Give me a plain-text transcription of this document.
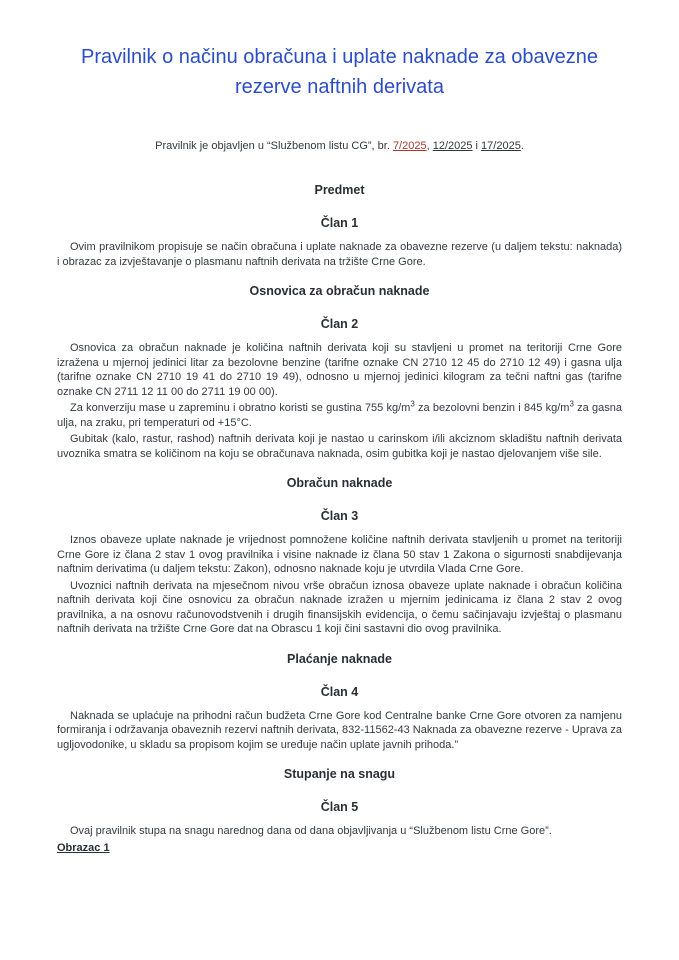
Pravilnik o načinu obračuna i uplate naknade za obavezne rezerve naftnih derivata

Pravilnik je objavljen u “Službenom listu CG”, br. 7/2025, 12/2025 i 17/2025.

Predmet
Član 1

Ovim pravilnikom propisuje se način obračuna i uplate naknade za obavezne rezerve (u daljem tekstu: naknada) i obrazac za izvještavanje o plasmanu naftnih derivata na tržište Crne Gore.

Osnovica za obračun naknade
Član 2

Osnovica za obračun naknade je količina naftnih derivata koji su stavljeni u promet na teritoriji Crne Gore izražena u mjernoj jedinici litar za bezolovne benzine (tarifne oznake CN 2710 12 45 do 2710 12 49) i gasna ulja (tarifne oznake CN 2710 19 41 do 2710 19 49), odnosno u mjernoj jedinici kilogram za tečni naftni gas (tarifne oznake CN 2711 12 11 00 do 2711 19 00 00).

Za konverziju mase u zapreminu i obratno koristi se gustina 755 $kg/m^3$ za bezolovni benzin i 845 $kg/m^3$ za gasna ulja, na zraku, pri temperaturi od +15°C.

Gubitak (kalo, rastur, rashod) naftnih derivata koji je nastao u carinskom i/ili akciznom skladištu naftnih derivata uvoznika smatra se količinom na koju se obračunava naknada, osim gubitka koji je nastao djelovanjem više sile.

Obračun naknade
Član 3

Iznos obaveze uplate naknade je vrijednost pomnožene količine naftnih derivata stavljenih u promet na teritoriji Crne Gore iz člana 2 stav 1 ovog pravilnika i visine naknade iz člana 50 stav 1 Zakona o sigurnosti snabdijevanja naftnim derivatima (u daljem tekstu: Zakon), odnosno naknade koju je utvrdila Vlada Crne Gore.

Uvoznici naftnih derivata na mjesečnom nivou vrše obračun iznosa obaveze uplate naknade i obračun količina naftnih derivata koji čine osnovicu za obračun naknade izražen u mjernim jedinicama iz člana 2 stav 2 ovog pravilnika, a na osnovu računovodstvenih i drugih finansijskih evidencija, o čemu sačinjavaju izvještaj o plasmanu naftnih derivata na tržište Crne Gore dat na Obrascu 1 koji čini sastavni dio ovog pravilnika.

Plaćanje naknade
Član 4

Naknada se uplaćuje na prihodni račun budžeta Crne Gore kod Centralne banke Crne Gore otvoren za namjenu formiranja i održavanja obaveznih rezervi naftnih derivata, 832-11562-43 Naknada za obavezne rezerve - Uprava za ugljovodonike, u skladu sa propisom kojim se uređuje način uplate javnih prihoda.”

Stupanje na snagu
Član 5

Ovaj pravilnik stupa na snagu narednog dana od dana objavljivanja u “Službenom listu Crne Gore”.

Obrazac 1
